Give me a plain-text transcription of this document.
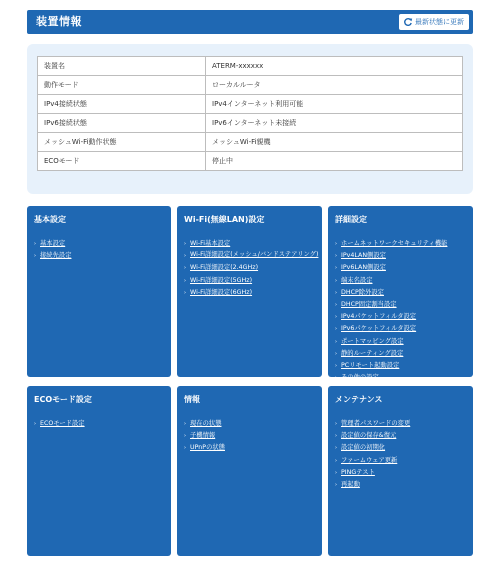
装置情報	最新状態に更新
装置名	ATERM-xxxxxx
動作モード	ローカルルータ
IPv4接続状態	IPv4インターネット利用可能
IPv6接続状態	IPv6インターネット未接続
メッシュWi-Fi動作状態	メッシュWi-Fi親機
ECOモード	停止中
基本設定
› 基本設定
› 接続先設定
Wi-Fi(無線LAN)設定
› Wi-Fi基本設定
› Wi-Fi詳細設定(メッシュ/バンドステアリング)
› Wi-Fi詳細設定(2.4GHz)
› Wi-Fi詳細設定(5GHz)
› Wi-Fi詳細設定(6GHz)
詳細設定
› ホームネットワークセキュリティ機能
› IPv4LAN側設定
› IPv6LAN側設定
› 端末名設定
› DHCP除外設定
› DHCP固定割当設定
› IPv4パケットフィルタ設定
› IPv6パケットフィルタ設定
› ポートマッピング設定
› 静的ルーティング設定
› PCリモート起動設定
› その他の設定
ECOモード設定
› ECOモード設定
情報
› 現在の状態
› 子機情報
› UPnPの状態
メンテナンス
› 管理者パスワードの変更
› 設定値の保存&復元
› 設定値の初期化
› ファームウェア更新
› PINGテスト
› 再起動
